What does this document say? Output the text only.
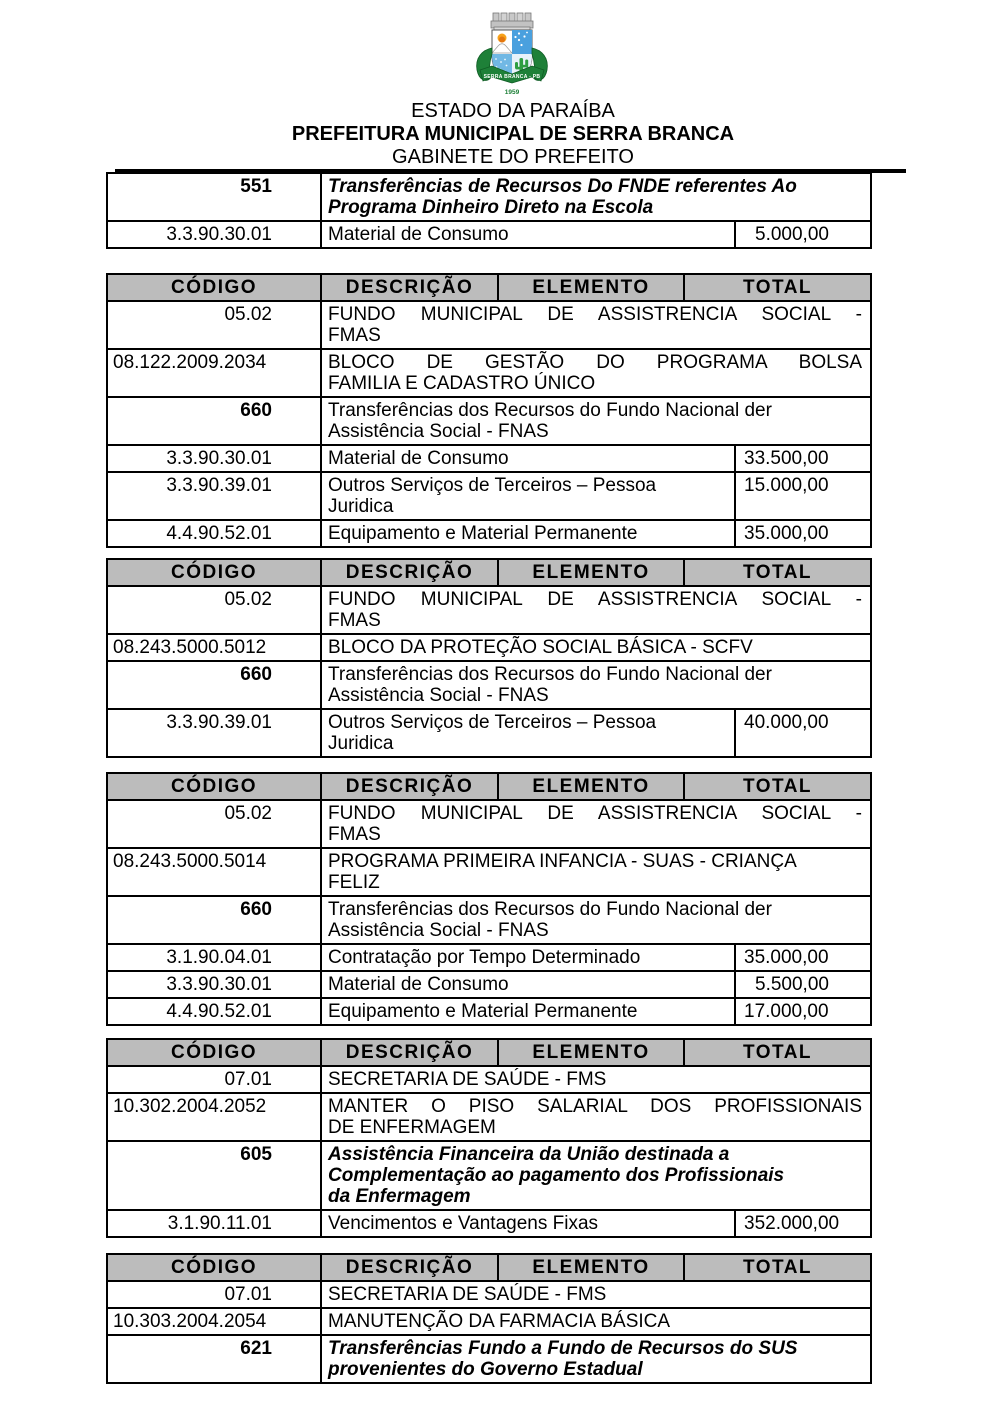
SERRA BRANCA - PB
1959
ESTADO DA PARAÍBA
PREFEITURA MUNICIPAL DE SERRA BRANCA
GABINETE DO PREFEITO
551	Transferências de Recursos Do FNDE referentes Ao
Programa Dinheiro Direto na Escola	

3.3.90.30.01	Material de Consumo	5.000,00
CÓDIGO	DESCRIÇÃO	ELEMENTO	TOTAL	
05.02	FUNDO MUNICIPAL DE ASSISTRENCIA SOCIAL -
FMAS			

08.122.2009.2034	BLOCO DE GESTÃO DO PROGRAMA BOLSA
FAMILIA E CADASTRO ÚNICO			

660	Transferências dos Recursos do Fundo Nacional der
Assistência Social - FNAS			

3.3.90.30.01	Material de Consumo			33.500,00
3.3.90.39.01	Outros Serviços de Terceiros – Pessoa
Juridica			15.000,00
4.4.90.52.01	Equipamento e Material Permanente			35.000,00
CÓDIGO	DESCRIÇÃO	ELEMENTO	TOTAL	
05.02	FUNDO MUNICIPAL DE ASSISTRENCIA SOCIAL -
FMAS			

08.243.5000.5012	BLOCO DA PROTEÇÃO SOCIAL BÁSICA - SCFV			

660	Transferências dos Recursos do Fundo Nacional der
Assistência Social - FNAS			

3.3.90.39.01	Outros Serviços de Terceiros – Pessoa
Juridica			40.000,00
CÓDIGO	DESCRIÇÃO	ELEMENTO	TOTAL	
05.02	FUNDO MUNICIPAL DE ASSISTRENCIA SOCIAL -
FMAS			

08.243.5000.5014	PROGRAMA PRIMEIRA INFANCIA - SUAS - CRIANÇA
FELIZ			

660	Transferências dos Recursos do Fundo Nacional der
Assistência Social - FNAS			

3.1.90.04.01	Contratação por Tempo Determinado			35.000,00
3.3.90.30.01	Material de Consumo			5.500,00
4.4.90.52.01	Equipamento e Material Permanente			17.000,00
CÓDIGO	DESCRIÇÃO	ELEMENTO	TOTAL	
07.01	SECRETARIA DE SAÚDE - FMS			

10.302.2004.2052	MANTER O PISO SALARIAL DOS PROFISSIONAIS
DE ENFERMAGEM			

605	Assistência Financeira da União destinada a
Complementação ao pagamento dos Profissionais
da Enfermagem			

3.1.90.11.01	Vencimentos e Vantagens Fixas			352.000,00
CÓDIGO	DESCRIÇÃO	ELEMENTO	TOTAL
07.01	SECRETARIA DE SAÚDE - FMS		

10.303.2004.2054	MANUTENÇÃO DA FARMACIA BÁSICA		

621	Transferências Fundo a Fundo de Recursos do SUS
provenientes do Governo Estadual		
